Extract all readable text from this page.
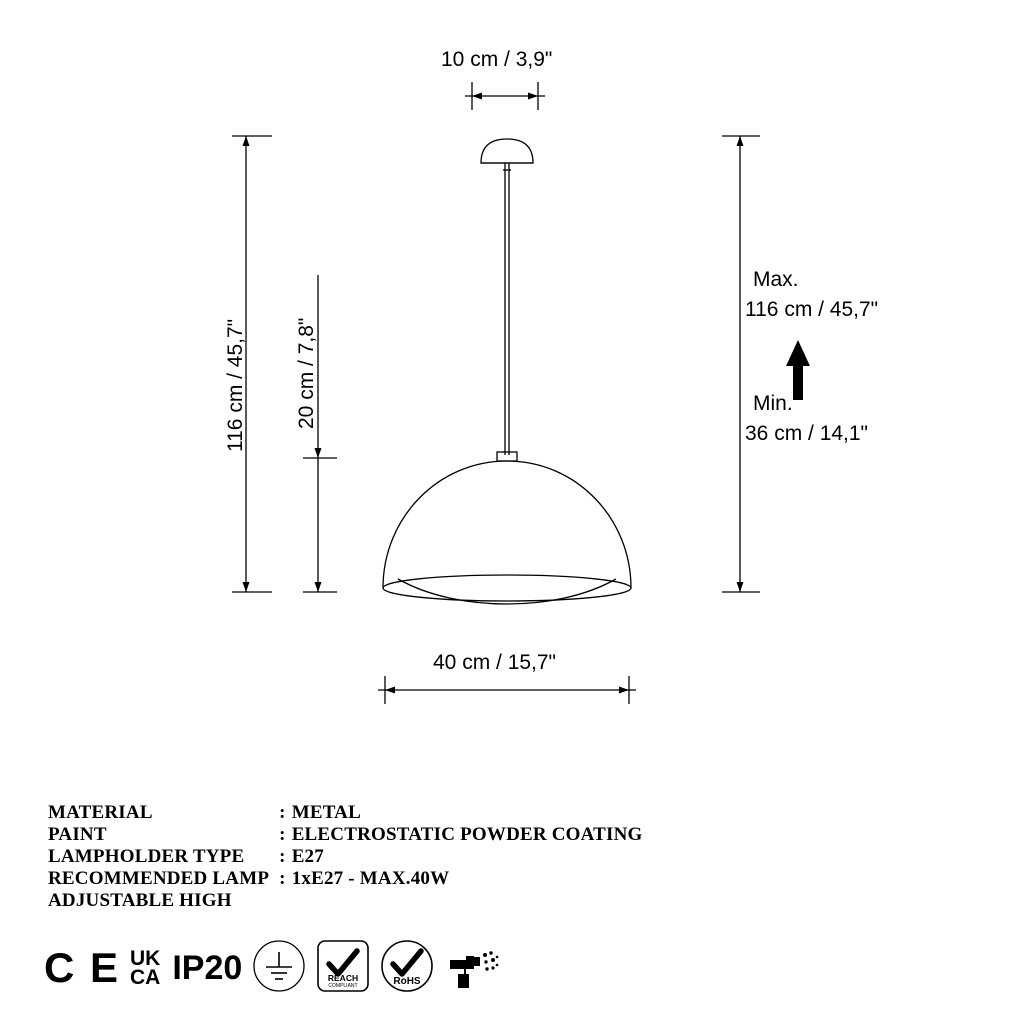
10 cm / 3,9"
116 cm / 45,7" 20 cm / 7,8"
Max.
116 cm / 45,7"
Min.
36 cm / 14,1"
40 cm / 15,7"
MATERIAL	:	METAL
PAINT	:	ELECTROSTATIC POWDER COATING
LAMPHOLDER TYPE	:	E27
RECOMMENDED LAMP	:	1xE27 - MAX.40W
ADJUSTABLE HIGH		
C E UK
CA IP20	REACH
COMPLIANT	RoHS
